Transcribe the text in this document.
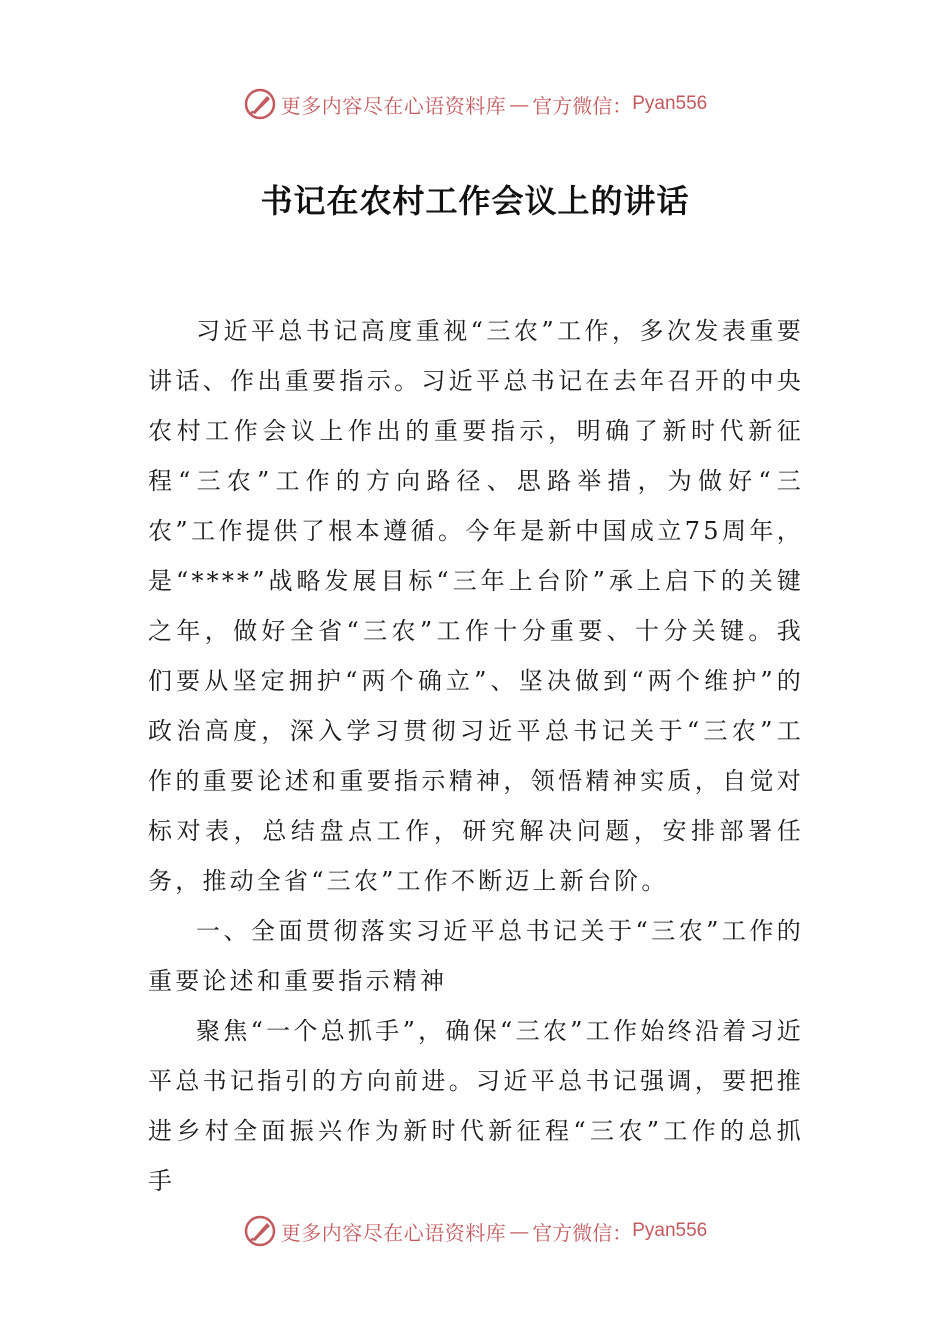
更多内容尽在心语资料库 — 官方微信： Pyan556
书记在农村工作会议上的讲话

习近平总书记高度重视“三农”工作，多次发表重要讲话、作出重要指示。习近平总书记在去年召开的中央农村工作会议上作出的重要指示，明确了新时代新征程“三农”工作的方向路径、思路举措，为做好“三农”工作提供了根本遵循。今年是新中国成立75周年，是“****”战略发展目标“三年上台阶”承上启下的关键之年，做好全省“三农”工作十分重要、十分关键。我们要从坚定拥护“两个确立”、坚决做到“两个维护”的政治高度，深入学习贯彻习近平总书记关于“三农”工作的重要论述和重要指示精神，领悟精神实质，自觉对标对表，总结盘点工作，研究解决问题，安排部署任务，推动全省“三农”工作不断迈上新台阶。

一、全面贯彻落实习近平总书记关于“三农”工作的重要论述和重要指示精神

聚焦“一个总抓手”，确保“三农”工作始终沿着习近平总书记指引的方向前进。习近平总书记强调，要把推进乡村全面振兴作为新时代新征程“三农”工作的总抓手

更多内容尽在心语资料库 — 官方微信： Pyan556
